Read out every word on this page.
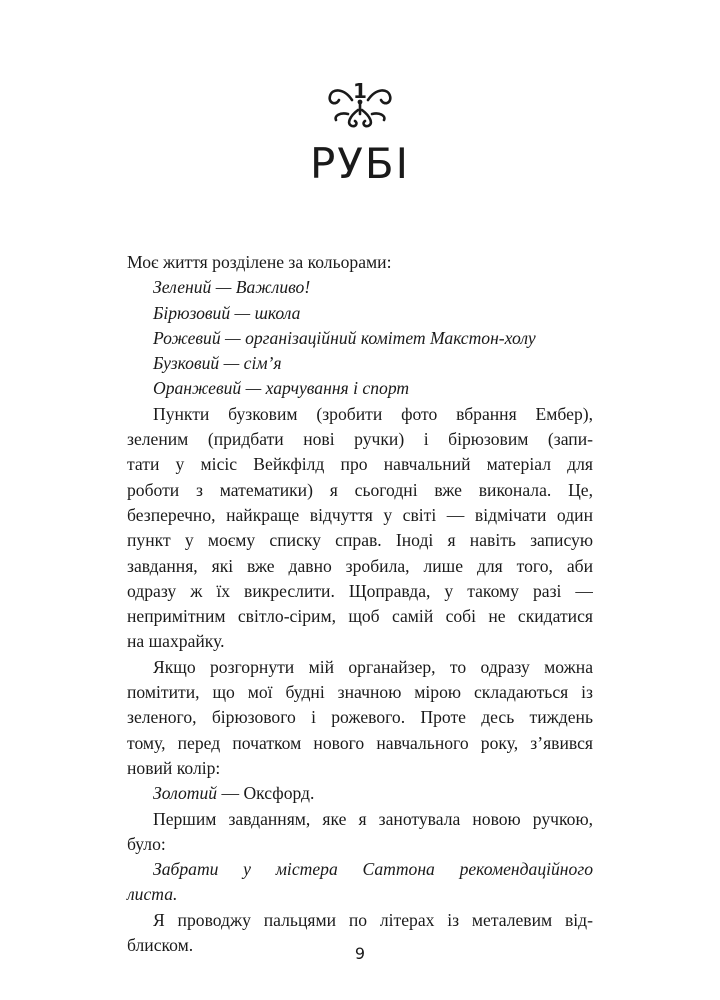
1
РУБІ
Моє життя розділене за кольорами:
Зелений — Важливо!
Бірюзовий — школа
Рожевий — організаційний комітет Макстон-холу
Бузковий — сім’я
Оранжевий — харчування і спорт
Пункти бузковим (зробити фото вбрання Ембер),
зеленим (придбати нові ручки) і бірюзовим (запи-
тати у місіс Вейкфілд про навчальний матеріал для
роботи з математики) я сьогодні вже виконала. Це,
безперечно, найкраще відчуття у світі — відмічати один
пункт у моєму списку справ. Іноді я навіть записую
завдання, які вже давно зробила, лише для того, аби
одразу ж їх викреслити. Щоправда, у такому разі —
непримітним світло-сірим, щоб самій собі не скидатися
на шахрайку.
Якщо розгорнути мій органайзер, то одразу можна
помітити, що мої будні значною мірою складаються із
зеленого, бірюзового і рожевого. Проте десь тиждень
тому, перед початком нового навчального року, з’явився
новий колір:
Золотий — Оксфорд.
Першим завданням, яке я занотувала новою ручкою,
було:
Забрати у містера Саттона рекомендаційного
листа.
Я проводжу пальцями по літерах із металевим від-
блиском.	9
